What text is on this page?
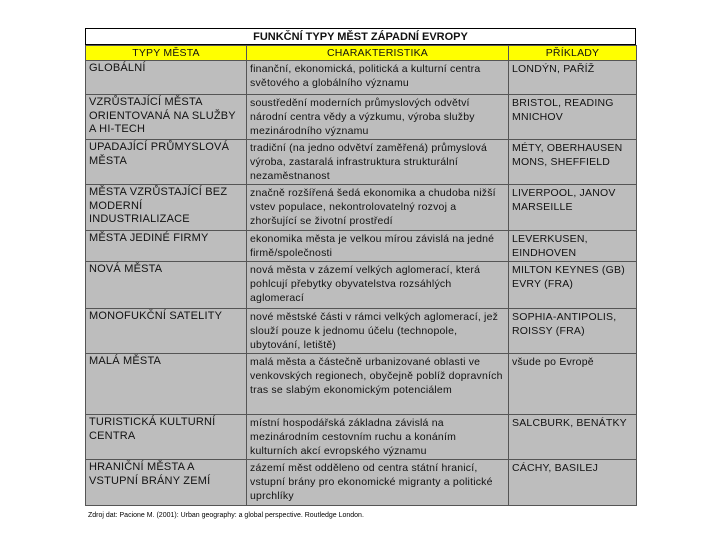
FUNKČNÍ TYPY MĚST ZÁPADNÍ EVROPY
TYPY MĚSTA	CHARAKTERISTIKA	PŘÍKLADY
GLOBÁLNÍ	finanční, ekonomická, politická a kulturní centra světového a globálního významu	LONDÝN, PAŘÍŽ
VZRŮSTAJÍCÍ MĚSTA ORIENTOVANÁ NA SLUŽBY A HI-TECH	soustředění moderních průmyslových odvětví národní centra vědy a výzkumu, výroba služby mezinárodního významu	BRISTOL, READING MNICHOV
UPADAJÍCÍ PRŮMYSLOVÁ MĚSTA	tradiční (na jedno odvětví zaměřená) průmyslová výroba, zastaralá infrastruktura strukturální nezaměstnanost	MÉTY, OBERHAUSEN MONS, SHEFFIELD
MĚSTA VZRŮSTAJÍCÍ BEZ MODERNÍ INDUSTRIALIZACE	značně rozšířená šedá ekonomika a chudoba nižší vstev populace, nekontrolovatelný rozvoj a zhoršující se životní prostředí	LIVERPOOL, JANOV MARSEILLE
MĚSTA JEDINÉ FIRMY	ekonomika města je velkou mírou závislá na jedné firmě/společnosti	LEVERKUSEN, EINDHOVEN
NOVÁ MĚSTA	nová města v zázemí velkých aglomerací, která pohlcují přebytky obyvatelstva rozsáhlých aglomerací	MILTON KEYNES (GB) EVRY (FRA)
MONOFUKČNÍ SATELITY	nové městské části v rámci velkých aglomerací, jež slouží pouze k jednomu účelu (technopole, ubytování, letiště)	SOPHIA-ANTIPOLIS, ROISSY (FRA)
MALÁ MĚSTA	malá města a částečně urbanizované oblasti ve venkovských regionech, obyčejně poblíž dopravních tras se slabým ekonomickým potenciálem	všude po Evropě
TURISTICKÁ KULTURNÍ CENTRA	místní hospodářská základna závislá na mezinárodním cestovním ruchu a konáním kulturních akcí evropského významu	SALCBURK, BENÁTKY
HRANIČNÍ MĚSTA A VSTUPNÍ BRÁNY ZEMÍ	zázemí měst odděleno od centra státní hranicí, vstupní brány pro ekonomické migranty a politické uprchlíky	CÁCHY, BASILEJ
Zdroj dat: Pacione M. (2001): Urban geography: a global perspective. Routledge London.
